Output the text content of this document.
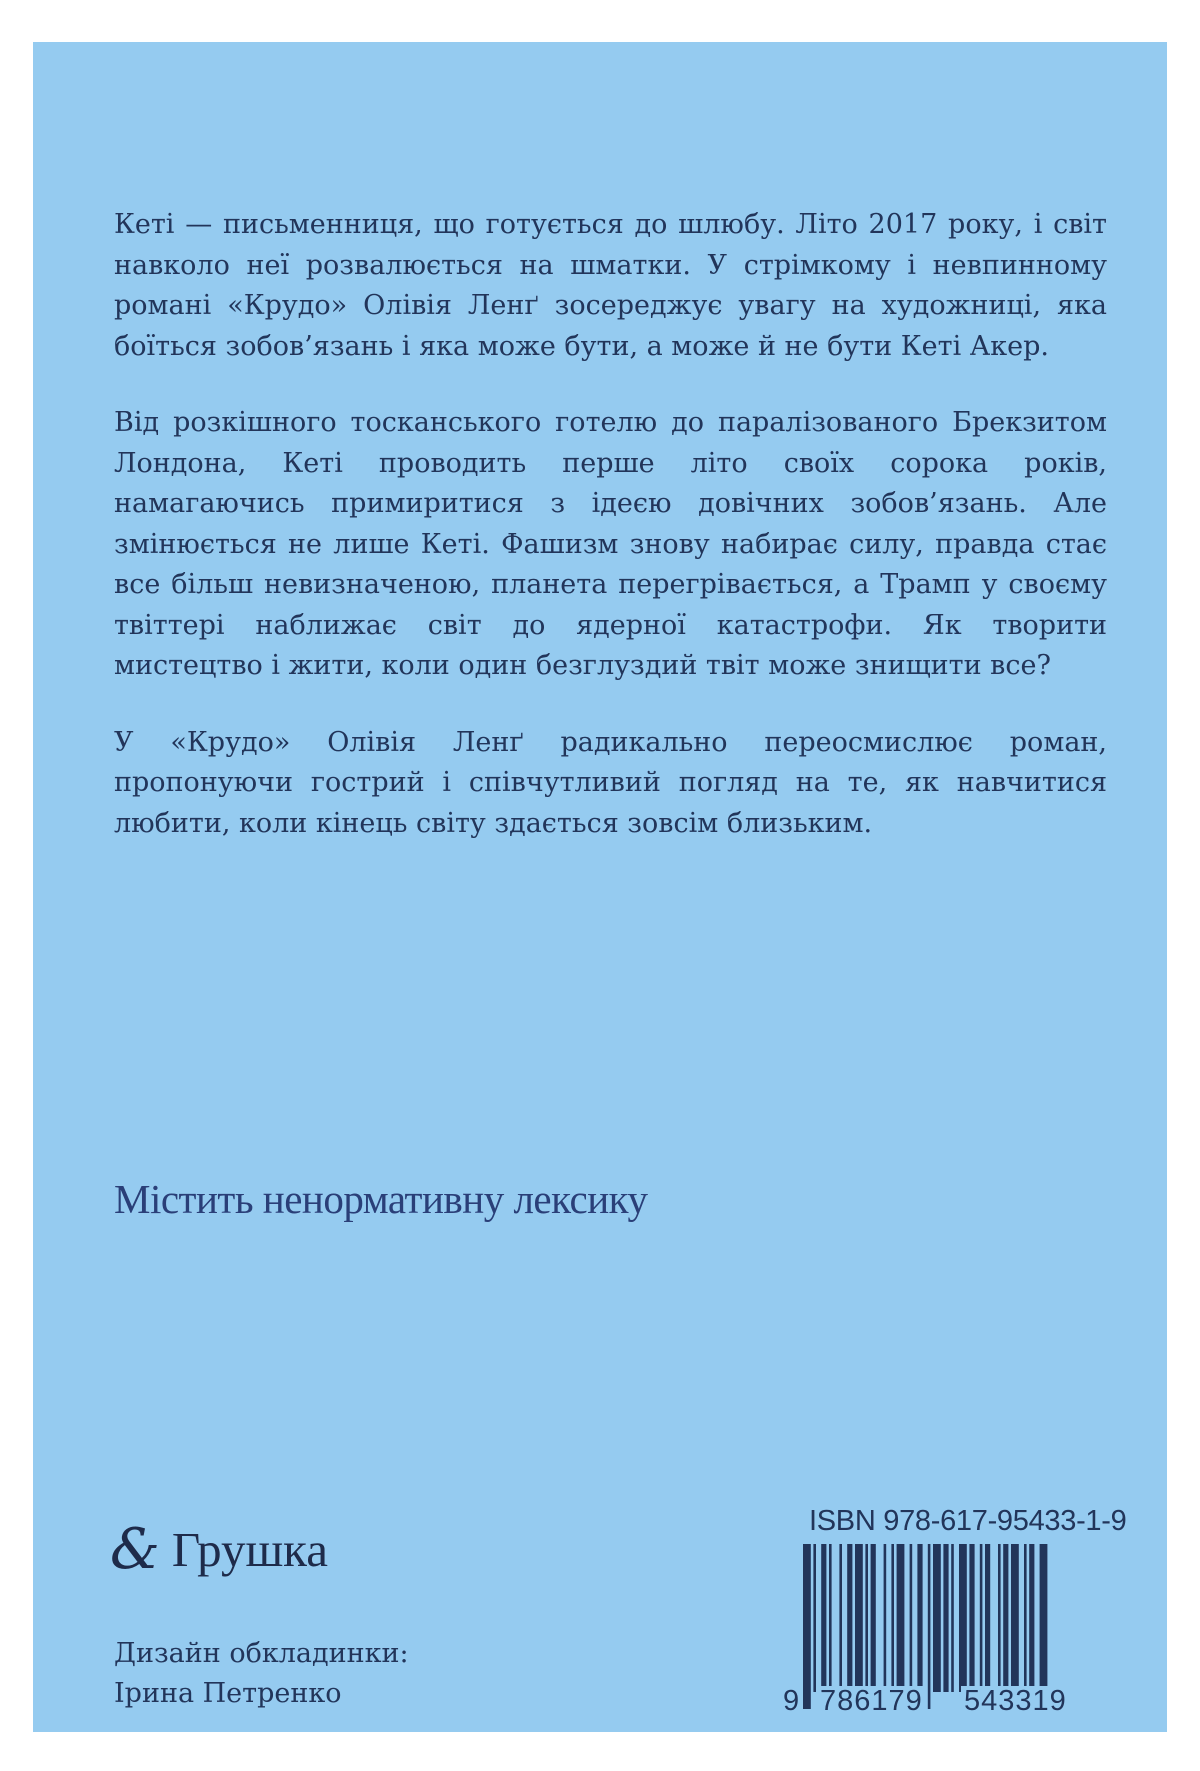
Кеті — письменниця, що готується до шлюбу. Літо 2017 року, і світ навколо неї розвалюється на шматки. У стрімкому і невпинному романі «Крудо» Олівія Ленґ зосереджує увагу на художниці, яка боїться зобов’язань і яка може бути, а може й не бути Кеті Акер.

Від розкішного тосканського готелю до паралізованого Брекзитом Лондона, Кеті проводить перше літо своїх сорока років, намагаючись примиритися з ідеєю довічних зобов’язань. Але змінюється не лише Кеті. Фашизм знову набирає силу, правда стає все більш невизначеною, планета перегрівається, а Трамп у своєму твіттері наближає світ до ядерної катастрофи. Як творити мистецтво і жити, коли один безглуздий твіт може знищити все?

У «Крудо» Олівія Ленґ радикально переосмислює роман, пропонуючи гострий і співчутливий погляд на те, як навчитися любити, коли кінець світу здається зовсім близьким.

Містить ненормативну лексику
& Грушка
Дизайн обкладинки:
Ірина Петренко
ISBN 978-617-95433-1-9
9 786179 543319
